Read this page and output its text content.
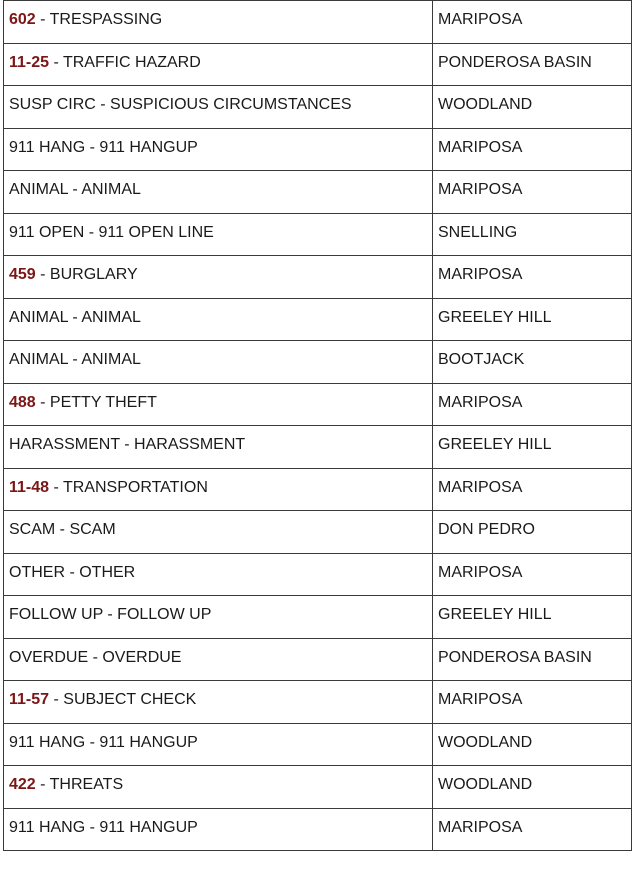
602 - TRESPASSING	MARIPOSA
11-25 - TRAFFIC HAZARD	PONDEROSA BASIN
SUSP CIRC - SUSPICIOUS CIRCUMSTANCES	WOODLAND
911 HANG - 911 HANGUP	MARIPOSA
ANIMAL - ANIMAL	MARIPOSA
911 OPEN - 911 OPEN LINE	SNELLING
459 - BURGLARY	MARIPOSA
ANIMAL - ANIMAL	GREELEY HILL
ANIMAL - ANIMAL	BOOTJACK
488 - PETTY THEFT	MARIPOSA
HARASSMENT - HARASSMENT	GREELEY HILL
11-48 - TRANSPORTATION	MARIPOSA
SCAM - SCAM	DON PEDRO
OTHER - OTHER	MARIPOSA
FOLLOW UP - FOLLOW UP	GREELEY HILL
OVERDUE - OVERDUE	PONDEROSA BASIN
11-57 - SUBJECT CHECK	MARIPOSA
911 HANG - 911 HANGUP	WOODLAND
422 - THREATS	WOODLAND
911 HANG - 911 HANGUP	MARIPOSA
